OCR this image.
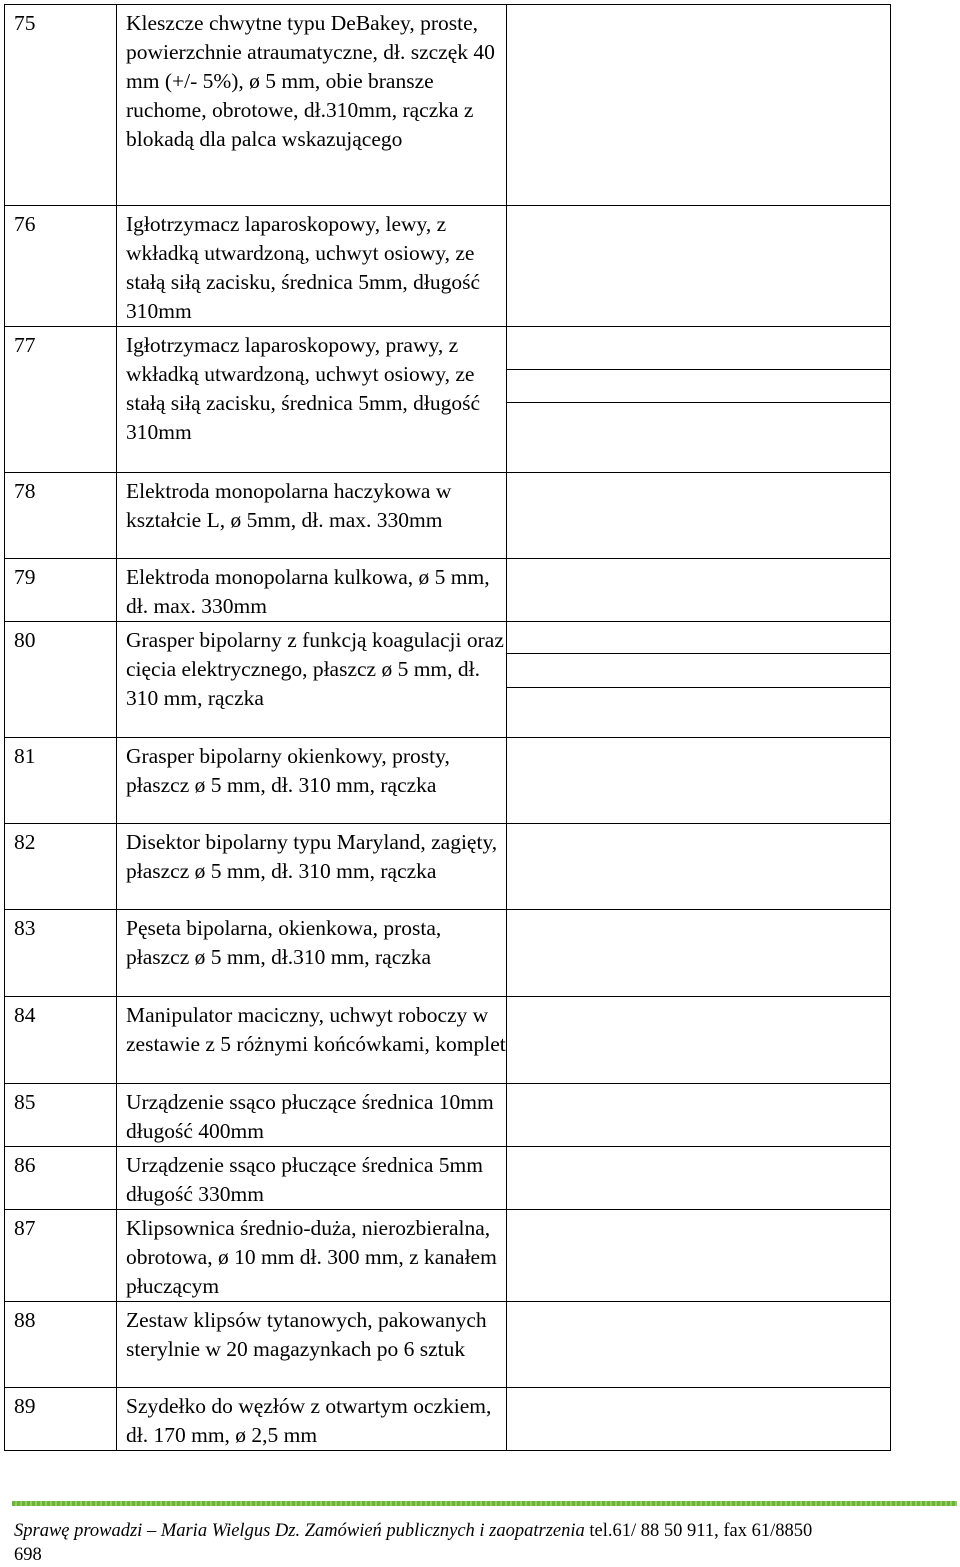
75	Kleszcze chwytne typu DeBakey, proste, powierzchnie atraumatyczne, dł. szczęk 40 mm (+/- 5%), ø 5 mm, obie bransze ruchome, obrotowe, dł.310mm, rączka z blokadą dla palca wskazującego	
76	Igłotrzymacz laparoskopowy, lewy, z wkładką utwardzoną, uchwyt osiowy, ze stałą siłą zacisku, średnica 5mm, długość 310mm	
77	Igłotrzymacz laparoskopowy, prawy, z wkładką utwardzoną, uchwyt osiowy, ze stałą siłą zacisku, średnica 5mm, długość 310mm	

78	Elektroda monopolarna haczykowa w kształcie L, ø 5mm, dł. max. 330mm	
79	Elektroda monopolarna kulkowa, ø 5 mm, dł. max. 330mm	
80	Grasper bipolarny z funkcją koagulacji oraz cięcia elektrycznego, płaszcz ø 5 mm, dł. 310 mm, rączka	

81	Grasper bipolarny okienkowy, prosty, płaszcz ø 5 mm, dł. 310 mm, rączka	
82	Disektor bipolarny typu Maryland, zagięty, płaszcz ø 5 mm, dł. 310 mm, rączka	
83	Pęseta bipolarna, okienkowa, prosta, płaszcz ø 5 mm, dł.310 mm, rączka	
84	Manipulator maciczny, uchwyt roboczy w zestawie z 5 różnymi końcówkami, komplet	
85	Urządzenie ssąco płuczące średnica 10mm długość 400mm	
86	Urządzenie ssąco płuczące średnica 5mm długość 330mm	
87	Klipsownica średnio-duża, nierozbieralna, obrotowa, ø 10 mm dł. 300 mm, z kanałem płuczącym	
88	Zestaw klipsów tytanowych, pakowanych sterylnie w 20 magazynkach po 6 sztuk	
89	Szydełko do węzłów z otwartym oczkiem, dł. 170 mm, ø 2,5 mm	
Sprawę prowadzi – Maria Wielgus Dz. Zamówień publicznych i zaopatrzenia tel.61/ 88 50 911, fax 61/8850
698
